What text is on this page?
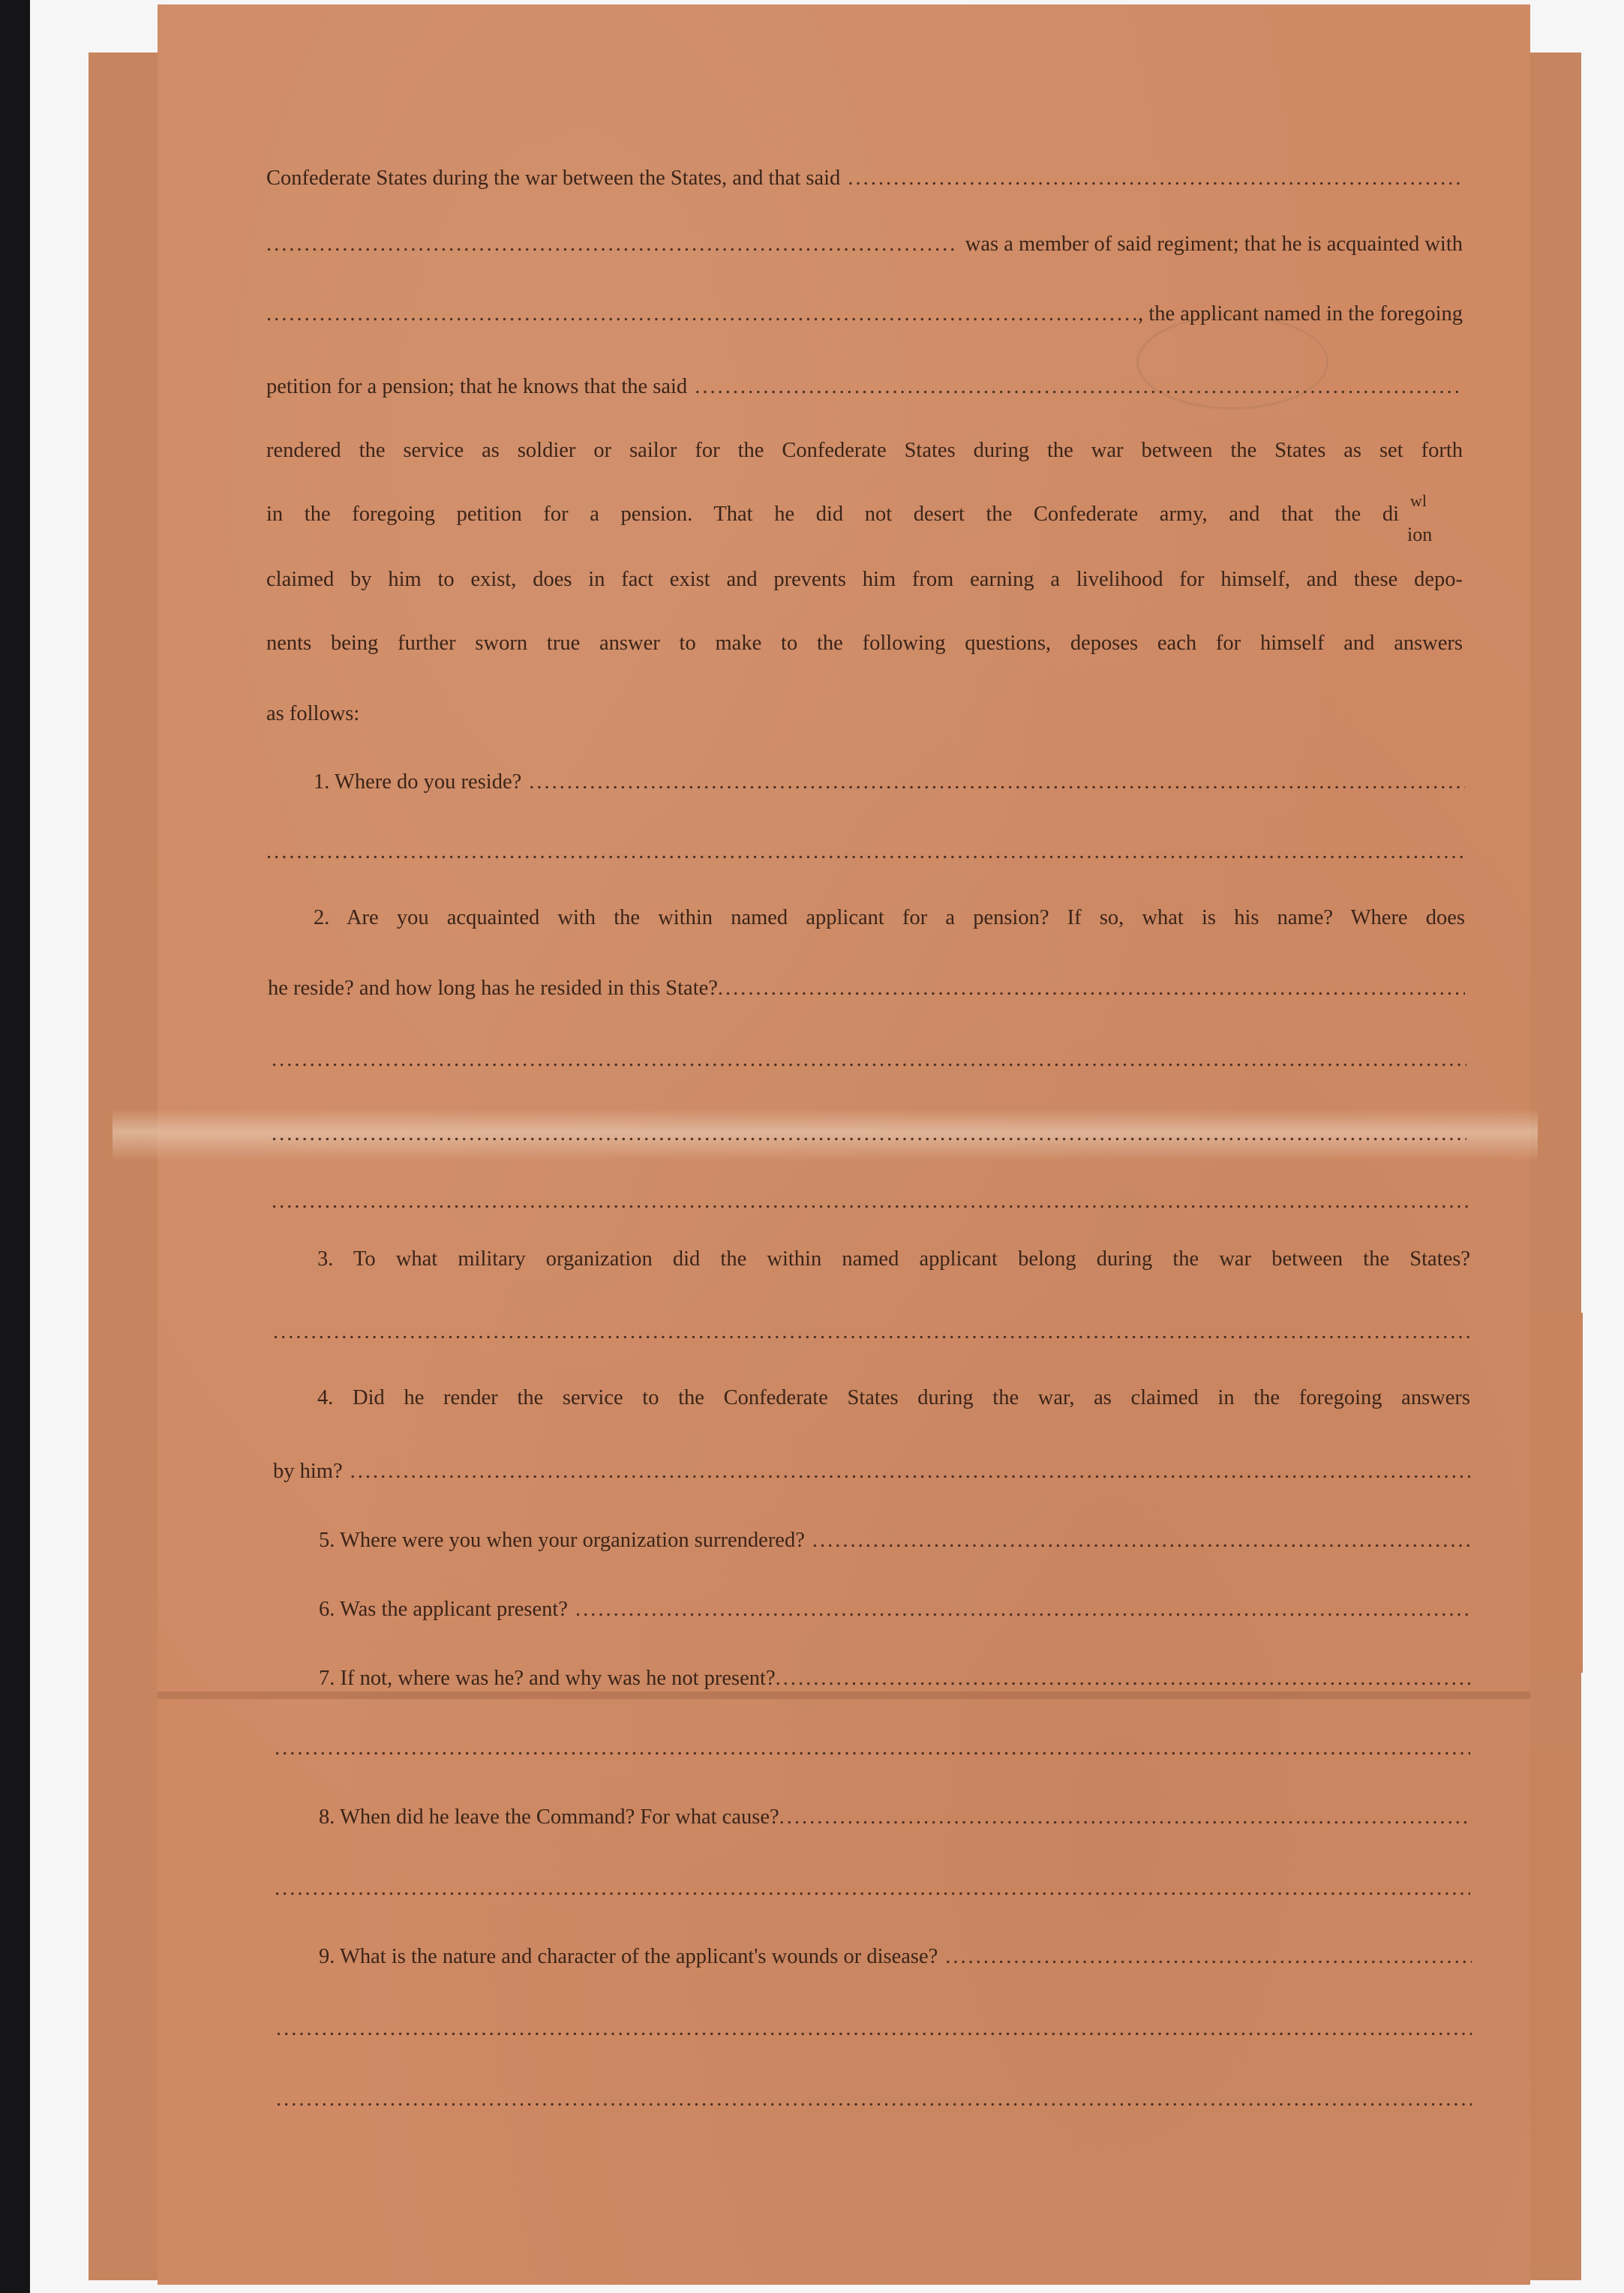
Confederate States during the war between the States, and that said
.....
.....
was a member of said regiment; that he is acquainted with
.....
, the applicant named in the foregoing
petition for a pension; that he knows that the said
.....
rendered the service as soldier or sailor for the Confederate States during the war between the States as set forth
in the foregoing petition for a pension. That he did not desert the Confederate army, and that the di
wl
ion
claimed by him to exist, does in fact exist and prevents him from earning a livelihood for himself, and these depo-
nents being further sworn true answer to make to the following questions, deposes each for himself and answers
as follows:
1. Where do you reside?
.....
.....
2. Are you acquainted with the within named applicant for a pension? If so, what is his name? Where does
he reside? and how long has he resided in this State?
.....
.....
.....
.....
3. To what military organization did the within named applicant belong during the war between the States?
.....
4. Did he render the service to the Confederate States during the war, as claimed in the foregoing answers
by him?
.....
5. Where were you when your organization surrendered?
.....
6. Was the applicant present?
.....
7. If not, where was he? and why was he not present?
.....
.....
8. When did he leave the Command? For what cause?
.....
.....
9. What is the nature and character of the applicant's wounds or disease?
.....
.....
.....
